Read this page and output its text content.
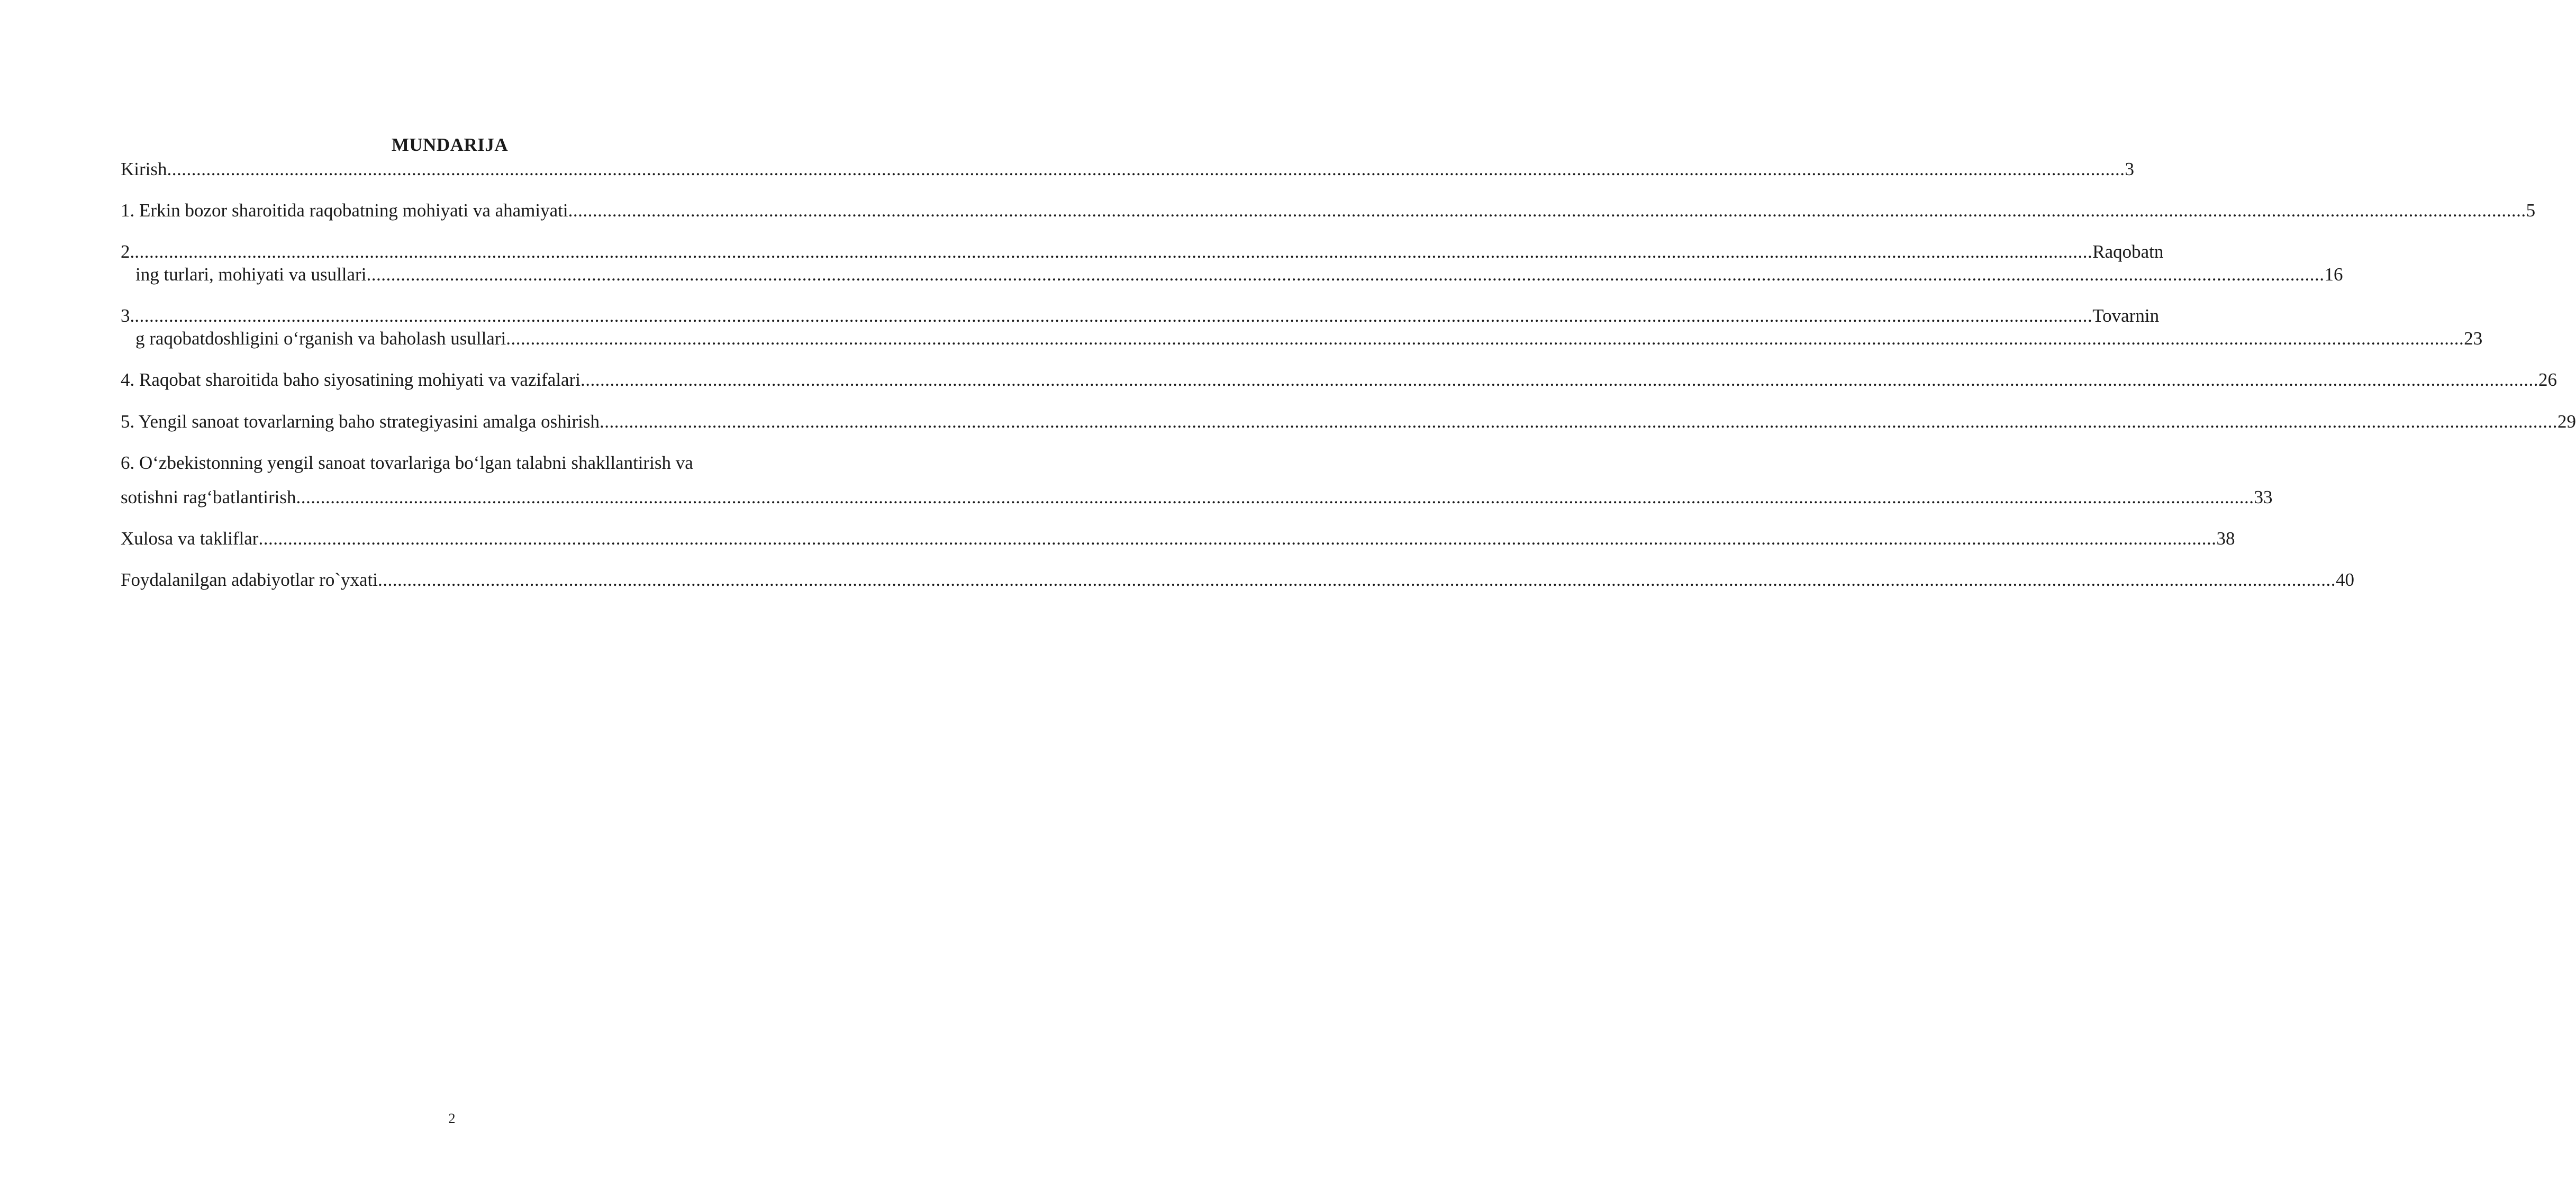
MUNDARIJA
Kirish ................................................................................................................................................................................................................................................................................................................................................................................................................ 3
1. Erkin bozor sharoitida raqobatning mohiyati va ahamiyati ................................................................................................................................................................................................................................................................................................................................................................................................................ 5
2. ................................................................................................................................................................................................................................................................................................................................................................................................................ Raqobatn
ing turlari, mohiyati va usullari ................................................................................................................................................................................................................................................................................................................................................................................................................ 16
3. ................................................................................................................................................................................................................................................................................................................................................................................................................ Tovarnin
g raqobatdoshligini o‘rganish va baholash usullari ................................................................................................................................................................................................................................................................................................................................................................................................................ 23
4. Raqobat sharoitida baho siyosatining mohiyati va vazifalari ................................................................................................................................................................................................................................................................................................................................................................................................................ 26
5. Yengil sanoat tovarlarning baho strategiyasini amalga oshirish ................................................................................................................................................................................................................................................................................................................................................................................................................ 29
6. O‘zbekistonning yengil sanoat tovarlariga bo‘lgan talabni shakllantirish va
sotishni rag‘batlantirish ................................................................................................................................................................................................................................................................................................................................................................................................................ 33
Xulosa va takliflar ................................................................................................................................................................................................................................................................................................................................................................................................................ 38
Foydalanilgan adabiyotlar ro`yxati ................................................................................................................................................................................................................................................................................................................................................................................................................ 40
2
